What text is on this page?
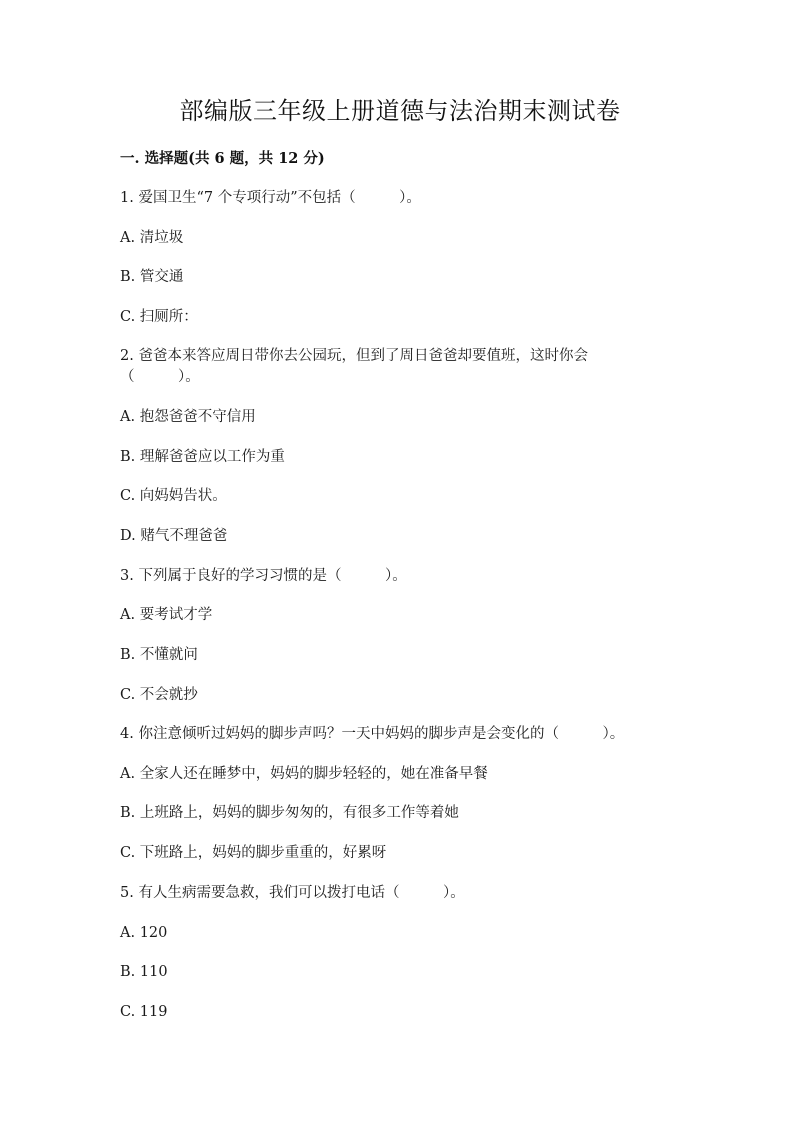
部编版三年级上册道德与法治期末测试卷
一. 选择题(共 6 题，共 12 分)
1. 爱国卫生“7 个专项行动”不包括（　　　）。
A. 清垃圾
B. 管交通
C. 扫厕所：
2. 爸爸本来答应周日带你去公园玩，但到了周日爸爸却要值班，这时你会
（　　　）。
A. 抱怨爸爸不守信用
B. 理解爸爸应以工作为重
C. 向妈妈告状。
D. 赌气不理爸爸
3. 下列属于良好的学习习惯的是（　　　）。
A. 要考试才学
B. 不懂就问
C. 不会就抄
4. 你注意倾听过妈妈的脚步声吗？一天中妈妈的脚步声是会变化的（　　　）。
A. 全家人还在睡梦中，妈妈的脚步轻轻的，她在准备早餐
B. 上班路上，妈妈的脚步匆匆的，有很多工作等着她
C. 下班路上，妈妈的脚步重重的，好累呀
5. 有人生病需要急救，我们可以拨打电话（　　　）。
A. 120
B. 110
C. 119
